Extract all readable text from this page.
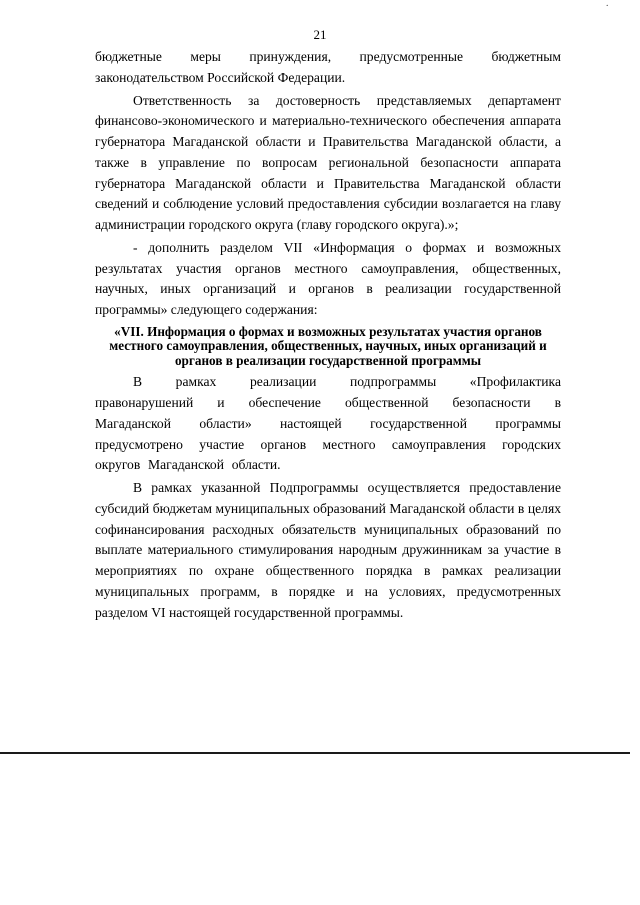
·
21

бюджетные меры принуждения, предусмотренные бюджетным законодательством Российской Федерации.

Ответственность за достоверность представляемых департамент финансово-экономического и материально-технического обеспечения аппарата губернатора Магаданской области и Правительства Магаданской области, а также в управление по вопросам региональной безопасности аппарата губернатора Магаданской области и Правительства Магаданской области сведений и соблюдение условий предоставления субсидии возлагается на главу администрации городского округа (главу городского округа).»;

- дополнить разделом VII «Информация о формах и возможных результатах участия органов местного самоуправления, общественных, научных, иных организаций и органов в реализации государственной программы» следующего содержания:

«VII. Информация о формах и возможных результатах участия органов местного самоуправления, общественных, научных, иных организаций и органов в реализации государственной программы

В рамках реализации подпрограммы «Профилактика правонарушений и обеспечение общественной безопасности в Магаданской области» настоящей государственной программы предусмотрено участие органов местного самоуправления городских округов Магаданской области.

В рамках указанной Подпрограммы осуществляется предоставление субсидий бюджетам муниципальных образований Магаданской области в целях софинансирования расходных обязательств муниципальных образований по выплате материального стимулирования народным дружинникам за участие в мероприятиях по охране общественного порядка в рамках реализации муниципальных программ, в порядке и на условиях, предусмотренных разделом VI настоящей государственной программы.
